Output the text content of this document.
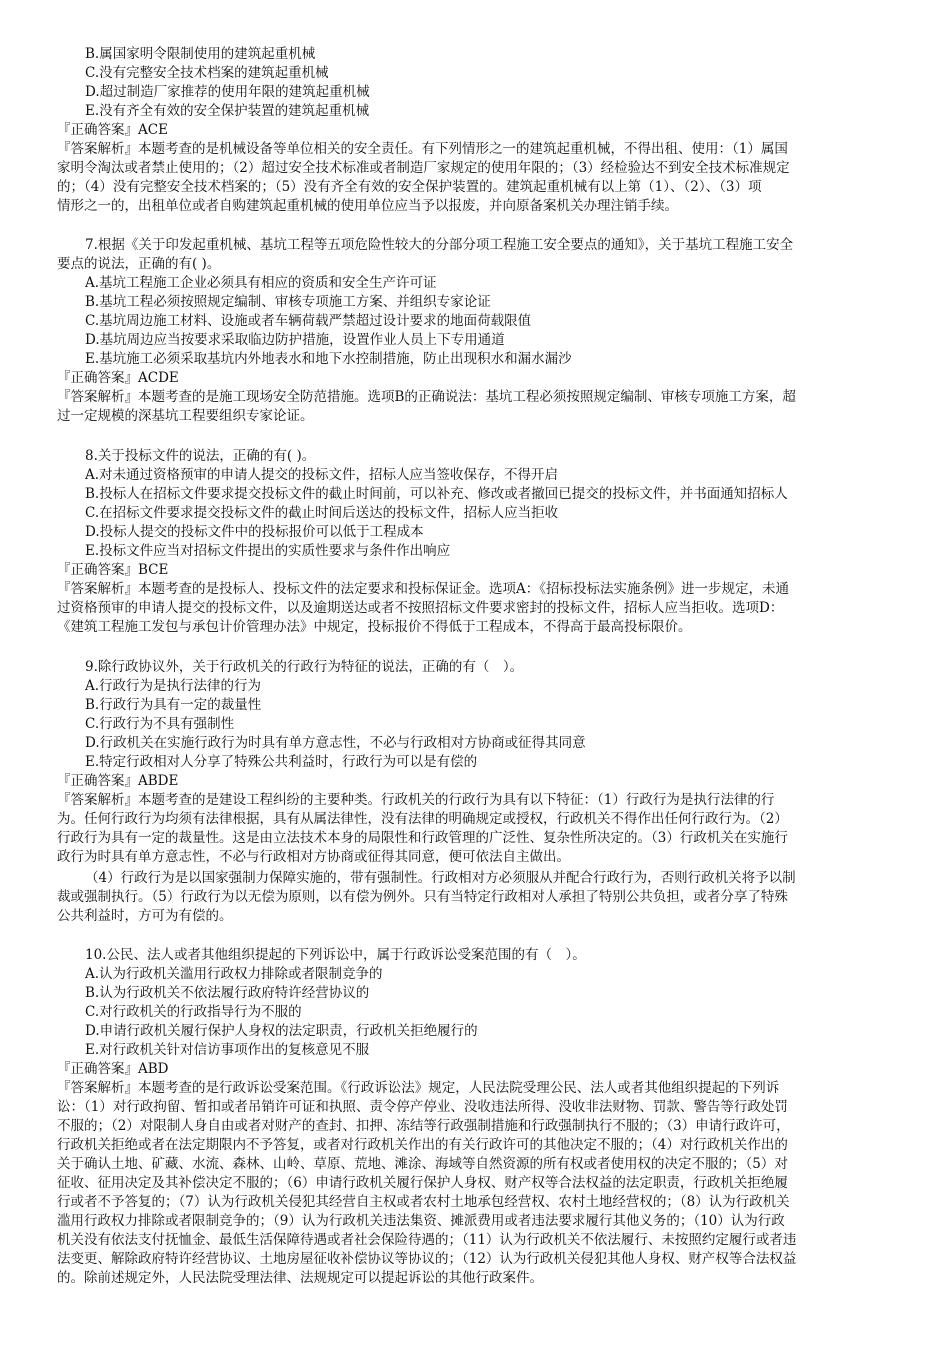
B.属国家明令限制使用的建筑起重机械
C.没有完整安全技术档案的建筑起重机械
D.超过制造厂家推荐的使用年限的建筑起重机械
E.没有齐全有效的安全保护装置的建筑起重机械
『正确答案』ACE
『答案解析』本题考查的是机械设备等单位相关的安全责任。有下列情形之一的建筑起重机械，不得出租、使用：（1）属国
家明令淘汰或者禁止使用的；（2）超过安全技术标准或者制造厂家规定的使用年限的；（3）经检验达不到安全技术标准规定
的；（4）没有完整安全技术档案的；（5）没有齐全有效的安全保护装置的。建筑起重机械有以上第（1）、（2）、（3）项
情形之一的，出租单位或者自购建筑起重机械的使用单位应当予以报废，并向原备案机关办理注销手续。
7.根据《关于印发起重机械、基坑工程等五项危险性较大的分部分项工程施工安全要点的通知》，关于基坑工程施工安全
要点的说法，正确的有( )。
A.基坑工程施工企业必须具有相应的资质和安全生产许可证
B.基坑工程必须按照规定编制、审核专项施工方案、并组织专家论证
C.基坑周边施工材料、设施或者车辆荷载严禁超过设计要求的地面荷载限值
D.基坑周边应当按要求采取临边防护措施，设置作业人员上下专用通道
E.基坑施工必须采取基坑内外地表水和地下水控制措施，防止出现积水和漏水漏沙
『正确答案』ACDE
『答案解析』本题考查的是施工现场安全防范措施。选项B的正确说法：基坑工程必须按照规定编制、审核专项施工方案，超
过一定规模的深基坑工程要组织专家论证。
8.关于投标文件的说法，正确的有( )。
A.对未通过资格预审的申请人提交的投标文件，招标人应当签收保存，不得开启
B.投标人在招标文件要求提交投标文件的截止时间前，可以补充、修改或者撤回已提交的投标文件，并书面通知招标人
C.在招标文件要求提交投标文件的截止时间后送达的投标文件，招标人应当拒收
D.投标人提交的投标文件中的投标报价可以低于工程成本
E.投标文件应当对招标文件提出的实质性要求与条件作出响应
『正确答案』BCE
『答案解析』本题考查的是投标人、投标文件的法定要求和投标保证金。选项A：《招标投标法实施条例》进一步规定，未通
过资格预审的申请人提交的投标文件，以及逾期送达或者不按照招标文件要求密封的投标文件，招标人应当拒收。选项D：
《建筑工程施工发包与承包计价管理办法》中规定，投标报价不得低于工程成本，不得高于最高投标限价。
9.除行政协议外，关于行政机关的行政行为特征的说法，正确的有（　）。
A.行政行为是执行法律的行为
B.行政行为具有一定的裁量性
C.行政行为不具有强制性
D.行政机关在实施行政行为时具有单方意志性，不必与行政相对方协商或征得其同意
E.特定行政相对人分享了特殊公共利益时，行政行为可以是有偿的
『正确答案』ABDE
『答案解析』本题考查的是建设工程纠纷的主要种类。行政机关的行政行为具有以下特征：（1）行政行为是执行法律的行
为。任何行政行为均须有法律根据，具有从属法律性，没有法律的明确规定或授权，行政机关不得作出任何行政行为。（2）
行政行为具有一定的裁量性。这是由立法技术本身的局限性和行政管理的广泛性、复杂性所决定的。（3）行政机关在实施行
政行为时具有单方意志性，不必与行政相对方协商或征得其同意，便可依法自主做出。
（4）行政行为是以国家强制力保障实施的，带有强制性。行政相对方必须服从并配合行政行为，否则行政机关将予以制
裁或强制执行。（5）行政行为以无偿为原则，以有偿为例外。只有当特定行政相对人承担了特别公共负担，或者分享了特殊
公共利益时，方可为有偿的。
10.公民、法人或者其他组织提起的下列诉讼中，属于行政诉讼受案范围的有（　）。
A.认为行政机关滥用行政权力排除或者限制竞争的
B.认为行政机关不依法履行政府特许经营协议的
C.对行政机关的行政指导行为不服的
D.申请行政机关履行保护人身权的法定职责，行政机关拒绝履行的
E.对行政机关针对信访事项作出的复核意见不服
『正确答案』ABD
『答案解析』本题考查的是行政诉讼受案范围。《行政诉讼法》规定，人民法院受理公民、法人或者其他组织提起的下列诉
讼：（1）对行政拘留、暂扣或者吊销许可证和执照、责令停产停业、没收违法所得、没收非法财物、罚款、警告等行政处罚
不服的；（2）对限制人身自由或者对财产的查封、扣押、冻结等行政强制措施和行政强制执行不服的；（3）申请行政许可，
行政机关拒绝或者在法定期限内不予答复，或者对行政机关作出的有关行政许可的其他决定不服的；（4）对行政机关作出的
关于确认土地、矿藏、水流、森林、山岭、草原、荒地、滩涂、海域等自然资源的所有权或者使用权的决定不服的；（5）对
征收、征用决定及其补偿决定不服的；（6）申请行政机关履行保护人身权、财产权等合法权益的法定职责，行政机关拒绝履
行或者不予答复的；（7）认为行政机关侵犯其经营自主权或者农村土地承包经营权、农村土地经营权的；（8）认为行政机关
滥用行政权力排除或者限制竞争的；（9）认为行政机关违法集资、摊派费用或者违法要求履行其他义务的；（10）认为行政
机关没有依法支付抚恤金、最低生活保障待遇或者社会保险待遇的；（11）认为行政机关不依法履行、未按照约定履行或者违
法变更、解除政府特许经营协议、土地房屋征收补偿协议等协议的；（12）认为行政机关侵犯其他人身权、财产权等合法权益
的。除前述规定外，人民法院受理法律、法规规定可以提起诉讼的其他行政案件。
